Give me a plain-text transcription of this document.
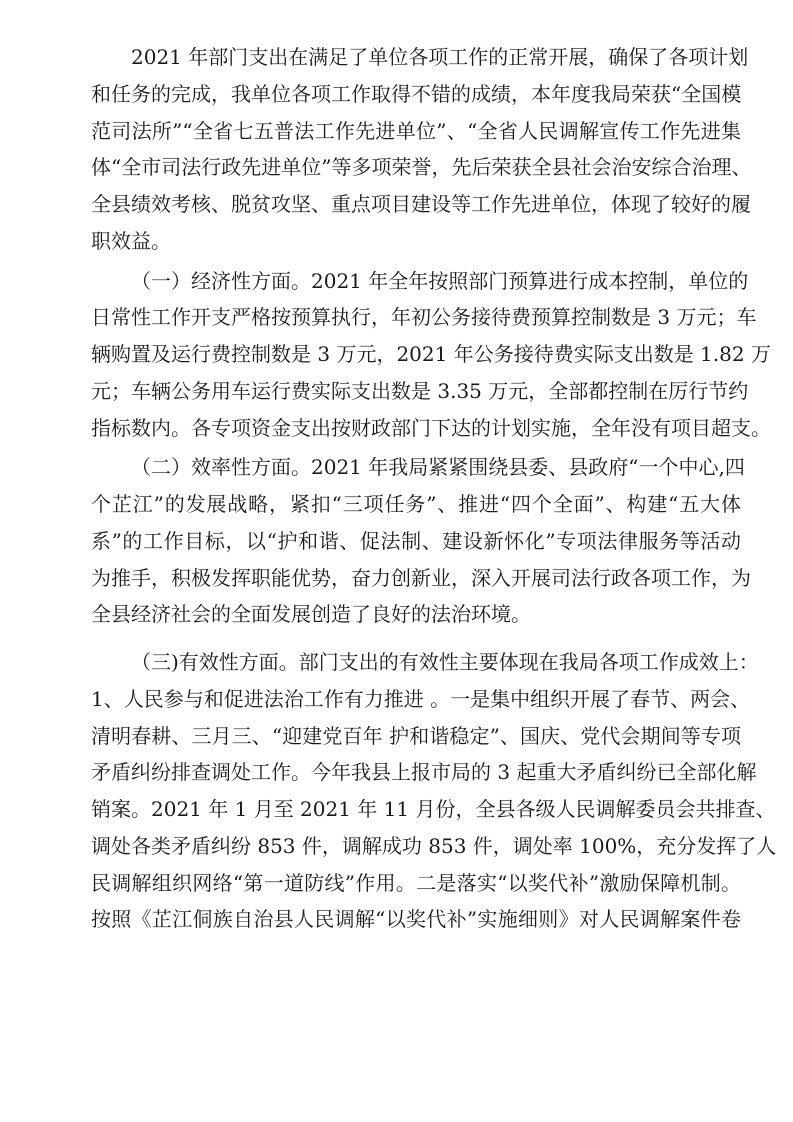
2021 年部门支出在满足了单位各项工作的正常开展，确保了各项计划
和任务的完成，我单位各项工作取得不错的成绩，本年度我局荣获“全国模
范司法所”“全省七五普法工作先进单位”、“全省人民调解宣传工作先进集
体“全市司法行政先进单位”等多项荣誉，先后荣获全县社会治安综合治理、
全县绩效考核、脱贫攻坚、重点项目建设等工作先进单位，体现了较好的履
职效益。
（一）经济性方面。2021 年全年按照部门预算进行成本控制，单位的
日常性工作开支严格按预算执行，年初公务接待费预算控制数是 3 万元；车
辆购置及运行费控制数是 3 万元，2021 年公务接待费实际支出数是 1.82 万
元；车辆公务用车运行费实际支出数是 3.35 万元，全部都控制在厉行节约
指标数内。各专项资金支出按财政部门下达的计划实施，全年没有项目超支。
（二）效率性方面。2021 年我局紧紧围绕县委、县政府“一个中心,四
个芷江”的发展战略，紧扣“三项任务”、推进“四个全面”、构建“五大体
系”的工作目标，以“护和谐、促法制、建设新怀化”专项法律服务等活动
为推手，积极发挥职能优势，奋力创新业，深入开展司法行政各项工作，为
全县经济社会的全面发展创造了良好的法治环境。
（三)有效性方面。部门支出的有效性主要体现在我局各项工作成效上：
1、人民参与和促进法治工作有力推进 。一是集中组织开展了春节、两会、
清明春耕、三月三、“迎建党百年 护和谐稳定”、国庆、党代会期间等专项
矛盾纠纷排查调处工作。今年我县上报市局的 3 起重大矛盾纠纷已全部化解
销案。2021 年 1 月至 2021 年 11 月份，全县各级人民调解委员会共排查、
调处各类矛盾纠纷 853 件，调解成功 853 件，调处率 100%，充分发挥了人
民调解组织网络“第一道防线”作用。二是落实“以奖代补”激励保障机制。
按照《芷江侗族自治县人民调解“以奖代补”实施细则》对人民调解案件卷
